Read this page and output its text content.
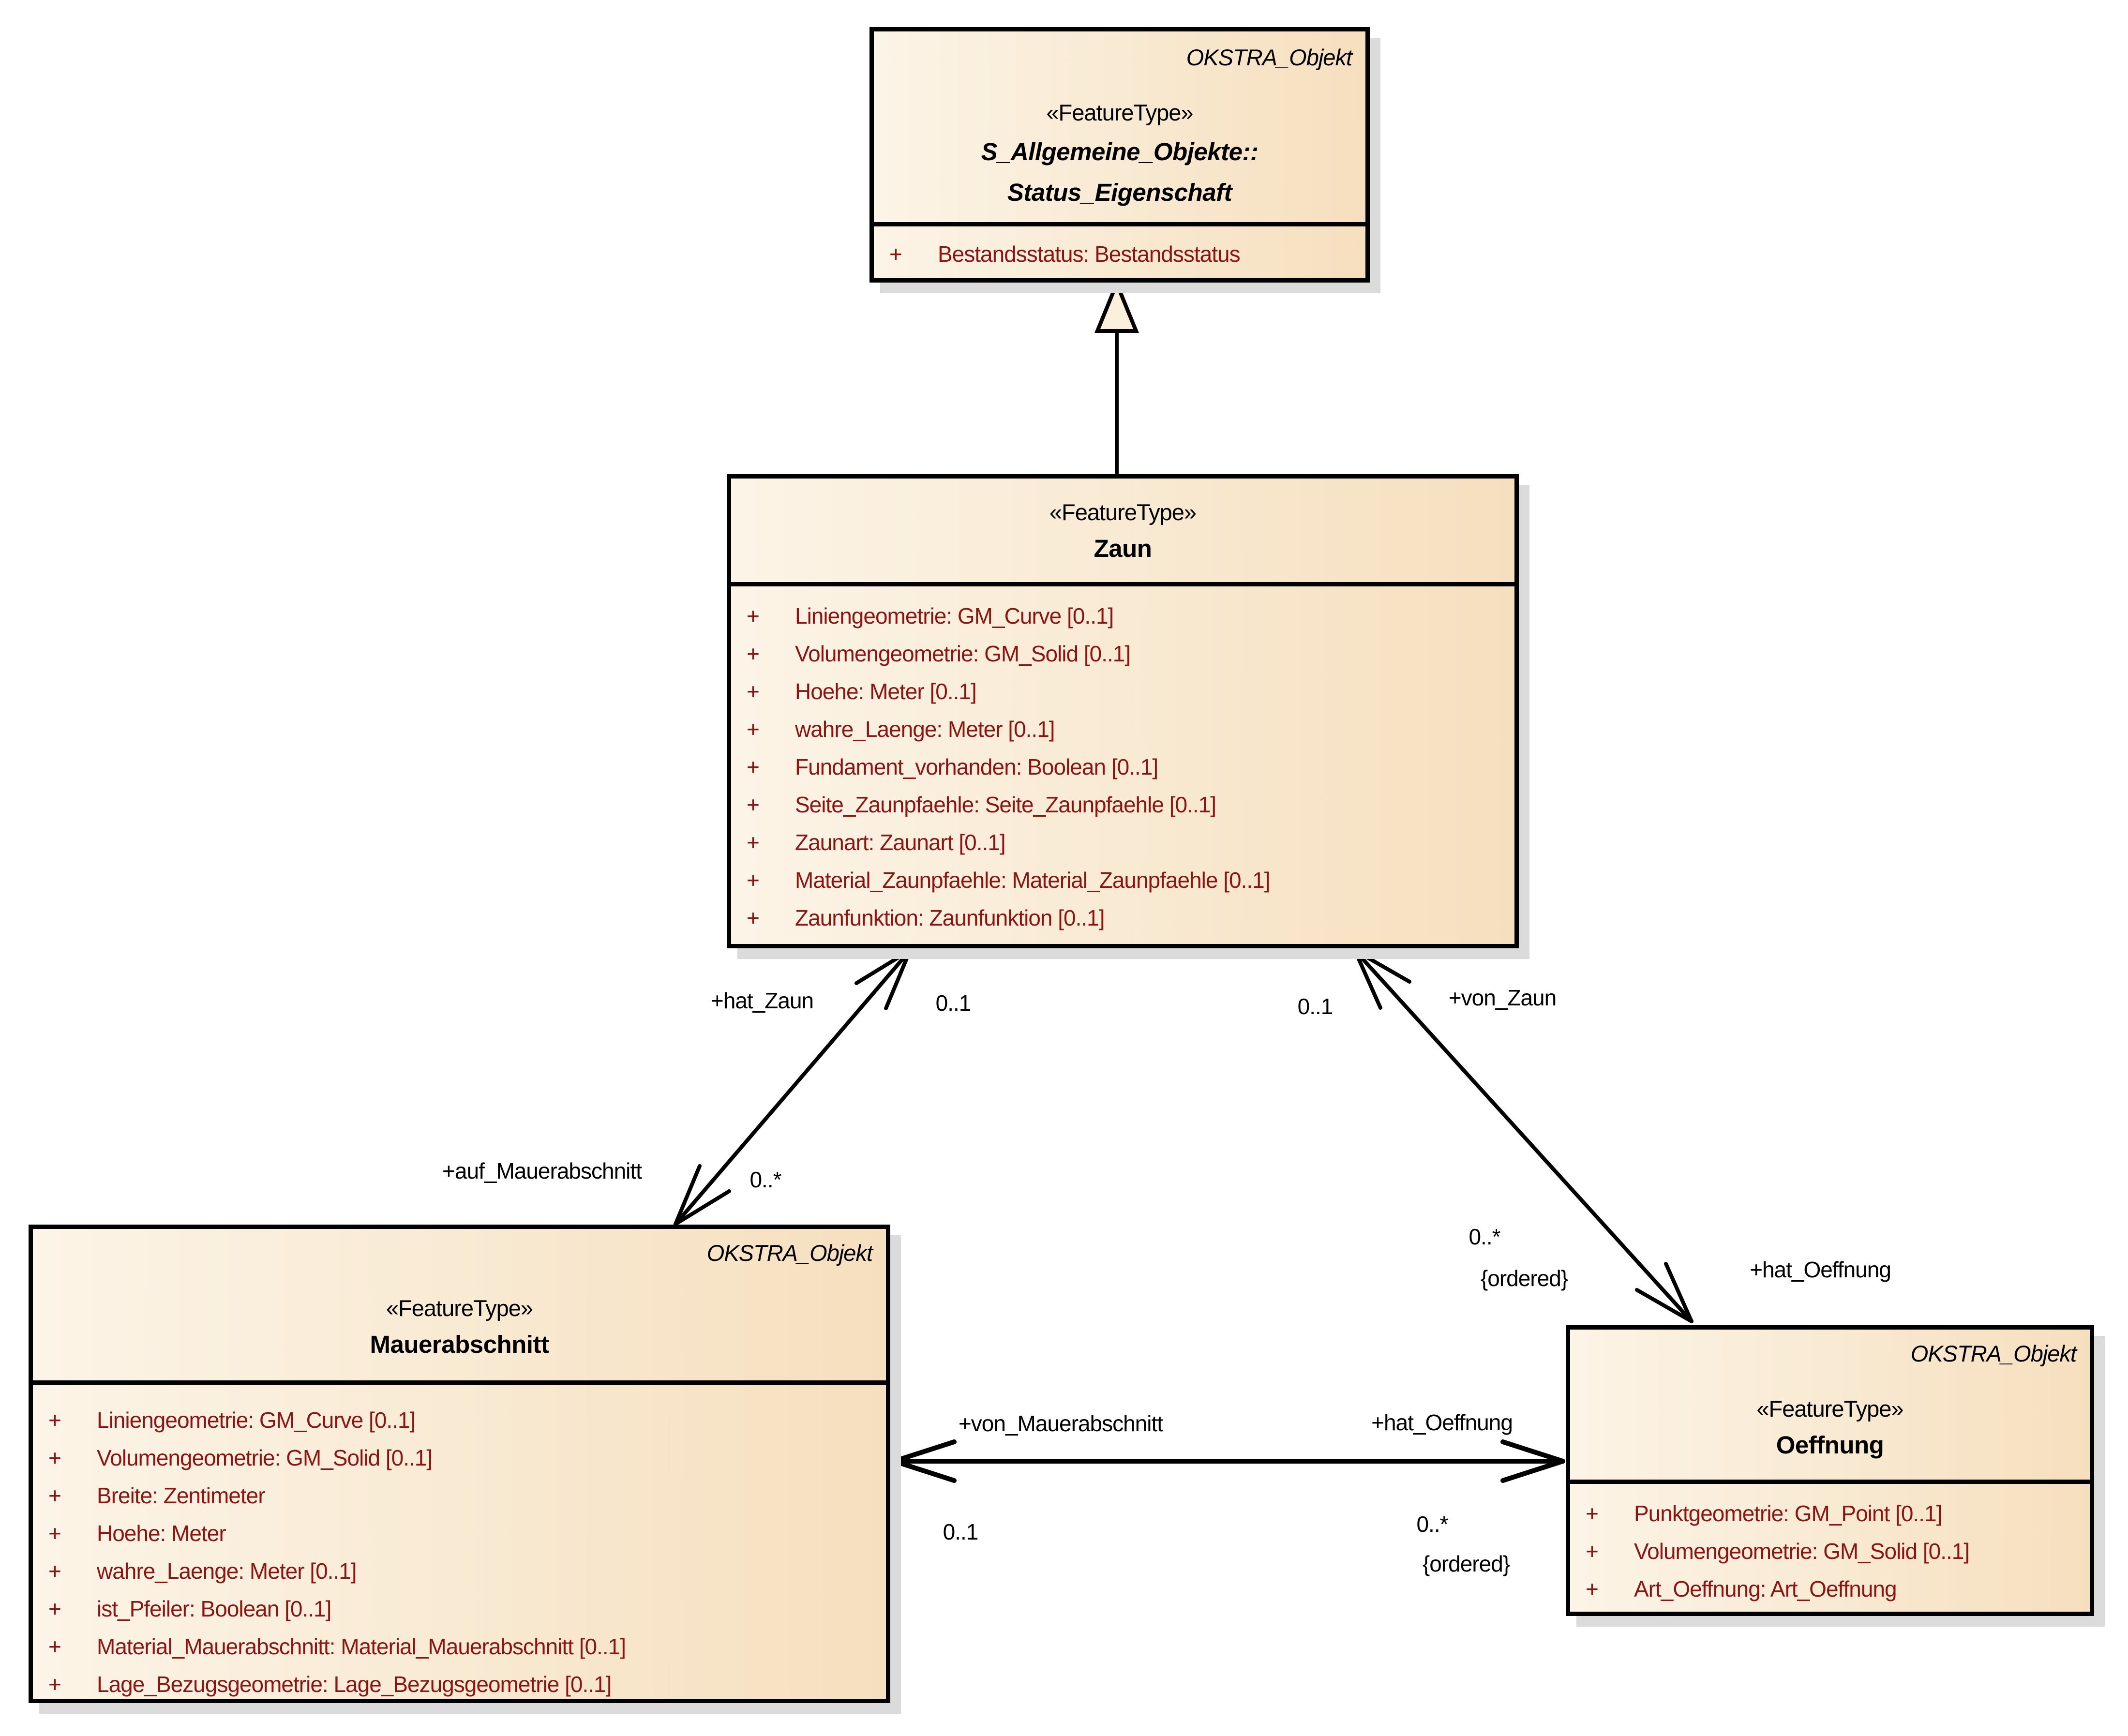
OKSTRA_Objekt
«FeatureType»
S_Allgemeine_Objekte::
Status_Eigenschaft
+	Bestandsstatus: Bestandsstatus
«FeatureType»
Zaun
+	Liniengeometrie: GM_Curve [0..1]
+	Volumengeometrie: GM_Solid [0..1]
+	Hoehe: Meter [0..1]
+	wahre_Laenge: Meter [0..1]
+	Fundament_vorhanden: Boolean [0..1]
+	Seite_Zaunpfaehle: Seite_Zaunpfaehle [0..1]
+	Zaunart: Zaunart [0..1]
+	Material_Zaunpfaehle: Material_Zaunpfaehle [0..1]
+	Zaunfunktion: Zaunfunktion [0..1]
OKSTRA_Objekt
«FeatureType»
Mauerabschnitt
+	Liniengeometrie: GM_Curve [0..1]
+	Volumengeometrie: GM_Solid [0..1]
+	Breite: Zentimeter
+	Hoehe: Meter
+	wahre_Laenge: Meter [0..1]
+	ist_Pfeiler: Boolean [0..1]
+	Material_Mauerabschnitt: Material_Mauerabschnitt [0..1]
+	Lage_Bezugsgeometrie: Lage_Bezugsgeometrie [0..1]
OKSTRA_Objekt
«FeatureType»
Oeffnung
+	Punktgeometrie: GM_Point [0..1]
+	Volumengeometrie: GM_Solid [0..1]
+	Art_Oeffnung: Art_Oeffnung
+hat_Zaun	0..1
+auf_Mauerabschnitt	0..*
0..1	+von_Zaun
0..*
{ordered}	+hat_Oeffnung
+von_Mauerabschnitt	+hat_Oeffnung
0..1	0..*
{ordered}
